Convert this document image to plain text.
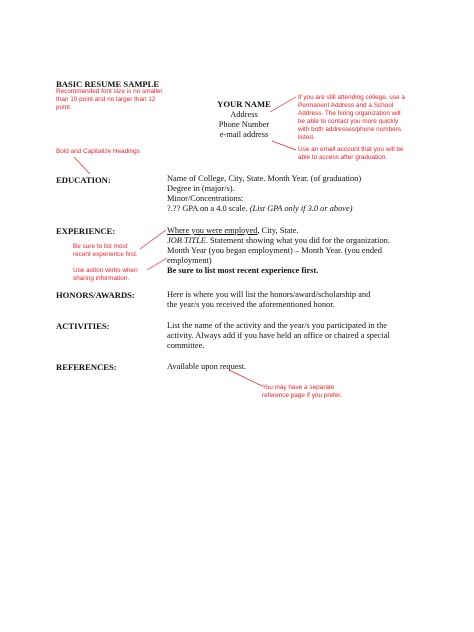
BASIC RESUME SAMPLE
Recommended font size is no smaller
than 10 point and no larger than 12
point.	YOUR NAME
Address
Phone Number
e-mail address
If you are still attending college, use a
Permanent Address and a School
Address. The hiring organization will
be able to contact you more quickly
with both addresses/phone numbers
listed.
Use an email account that you will be
able to access after graduation.
Bold and Capitalize Headings
EDUCATION:	Name of College, City, State. Month Year. (of graduation)
Degree in (major/s).
Minor/Concentrations:
?.?? GPA on a 4.0 scale. (List GPA only if 3.0 or above)
EXPERIENCE:	Where you were employed, City, State.
JOB TITLE. Statement showing what you did for the organization.
Month Year (you began employment) – Month Year. (you ended
employment)
Be sure to list most recent experience first.
Be sure to list most
recent experience first.
Use action verbs when
sharing information.
HONORS/AWARDS:	Here is where you will list the honors/award/scholarship and
the year/s you received the aforementioned honor.
ACTIVITIES:	List the name of the activity and the year/s you participated in the
activity. Always add if you have held an office or chaired a special
committee.
REFERENCES:	Available upon request.
You may have a separate
reference page if you prefer.
